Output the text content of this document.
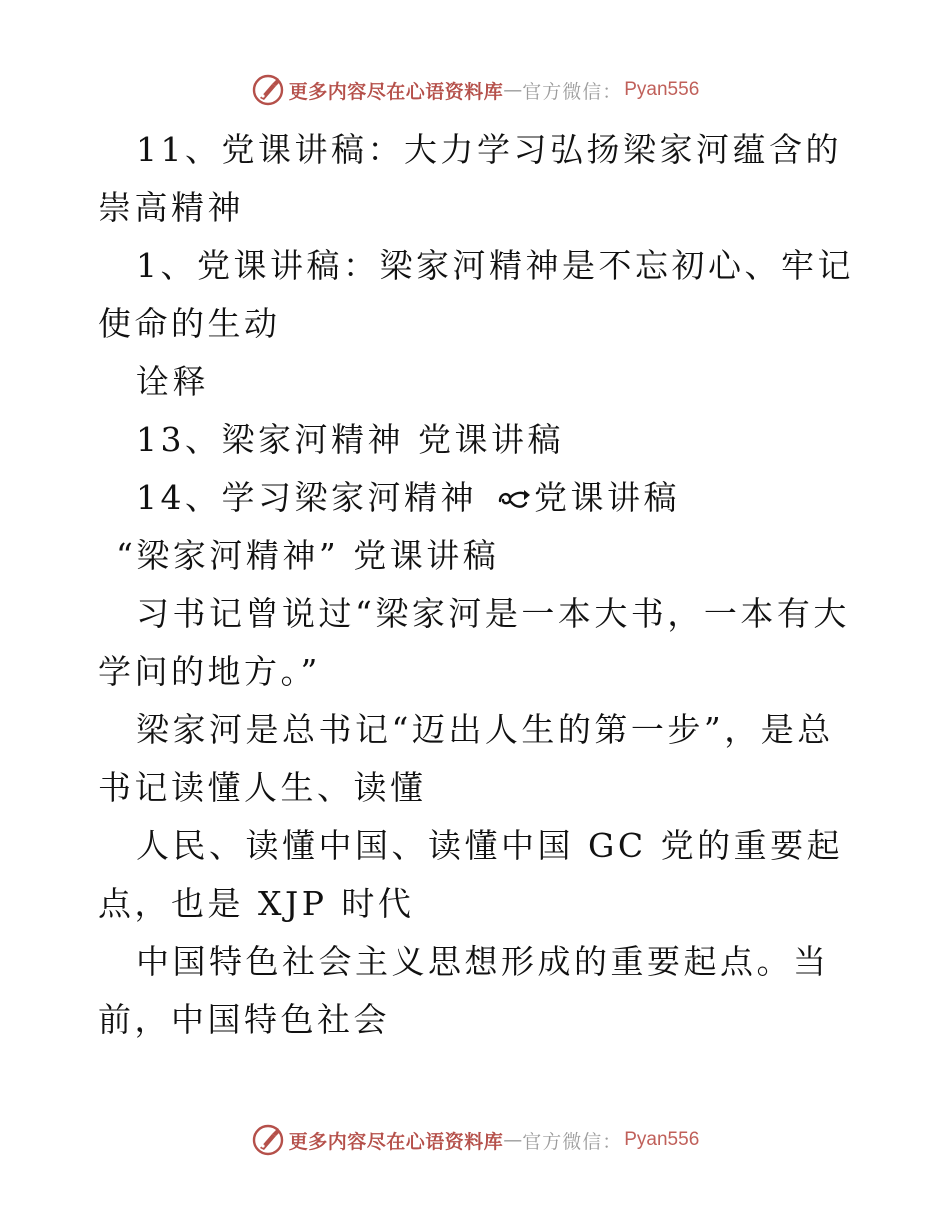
更多内容尽在心语资料库 — 官方微信： Pyan556

11、党课讲稿：大力学习弘扬梁家河蕴含的崇高精神

1、党课讲稿：梁家河精神是不忘初心、牢记使命的生动

诠释

13、梁家河精神 党课讲稿

14、学习梁家河精神 党课讲稿

“梁家河精神” 党课讲稿

习书记曾说过“梁家河是一本大书，一本有大学问的地方。”

梁家河是总书记“迈出人生的第一步”，是总书记读懂人生、读懂

人民、读懂中国、读懂中国 GC 党的重要起点，也是 XJP 时代

中国特色社会主义思想形成的重要起点。当前，中国特色社会

更多内容尽在心语资料库 — 官方微信： Pyan556
